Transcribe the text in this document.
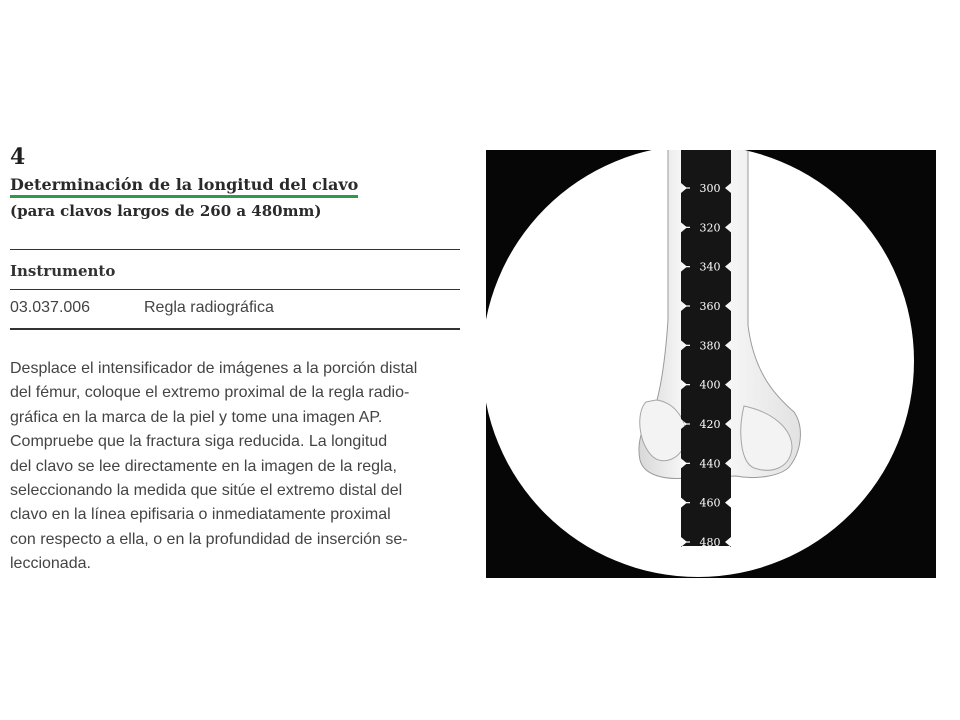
4
Determinación de la longitud del clavo
(para clavos largos de 260 a 480mm)
Instrumento
03.037.006	Regla radiográfica

Desplace el intensificador de imágenes a la porción distal
del fémur, coloque el extremo proximal de la regla radio-
gráfica en la marca de la piel y tome una imagen AP.
Compruebe que la fractura siga reducida. La longitud
del clavo se lee directamente en la imagen de la regla,
seleccionando la medida que sitúe el extremo distal del
clavo en la línea epifisaria o inmediatamente proximal
con respecto a ella, o en la profundidad de inserción se-
leccionada.

300
320
340
360
380
400
420
440
460
480
